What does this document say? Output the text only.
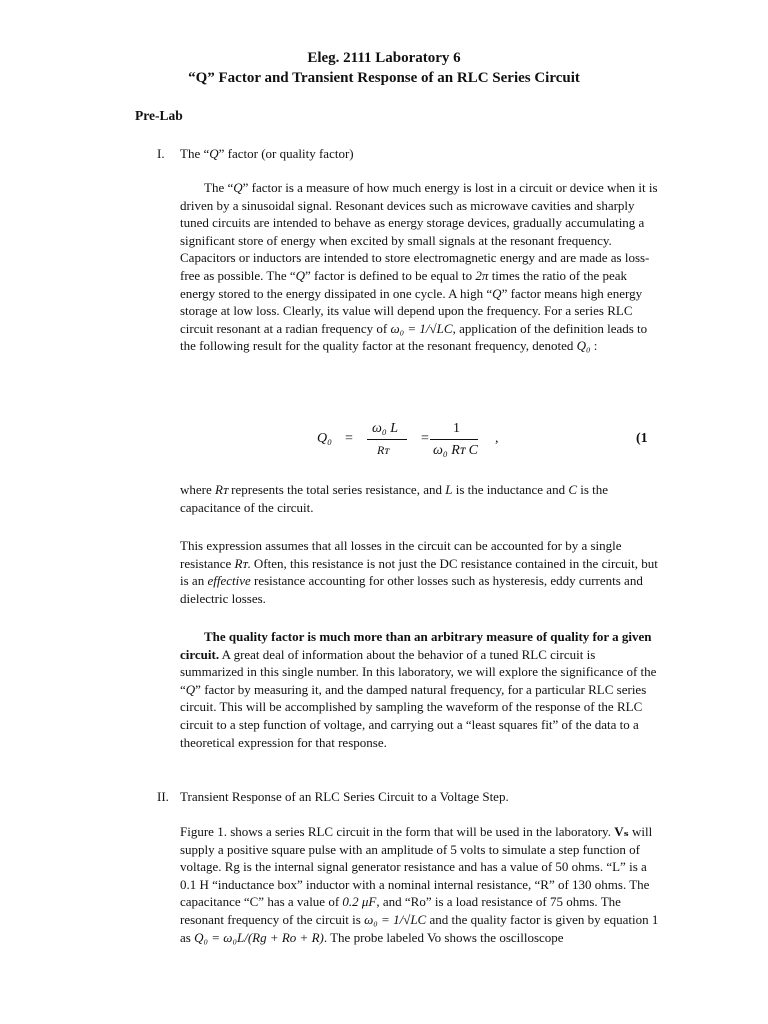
Eleg. 2111 Laboratory 6
“Q” Factor and Transient Response of an RLC Series Circuit
Pre-Lab
I. The “Q” factor (or quality factor)
The “Q” factor is a measure of how much energy is lost in a circuit or device when it is driven by a sinusoidal signal. Resonant devices such as microwave cavities and sharply tuned circuits are intended to behave as energy storage devices, gradually accumulating a significant store of energy when excited by small signals at the resonant frequency. Capacitors or inductors are intended to store electromagnetic energy and are made as loss-free as possible. The “Q” factor is defined to be equal to 2π times the ratio of the peak energy stored to the energy dissipated in one cycle. A high “Q” factor means high energy storage at low loss. Clearly, its value will depend upon the frequency. For a series RLC circuit resonant at a radian frequency of ω₀ = 1/√LC, application of the definition leads to the following result for the quality factor at the resonant frequency, denoted Q₀ :
Q₀ =
ω₀ L
Rᴛ
=
1
ω₀ Rᴛ C
,	(1
where Rᴛ represents the total series resistance, and L is the inductance and C is the capacitance of the circuit.
This expression assumes that all losses in the circuit can be accounted for by a single resistance Rᴛ. Often, this resistance is not just the DC resistance contained in the circuit, but is an effective resistance accounting for other losses such as hysteresis, eddy currents and dielectric losses.
The quality factor is much more than an arbitrary measure of quality for a given circuit. A great deal of information about the behavior of a tuned RLC circuit is summarized in this single number. In this laboratory, we will explore the significance of the “Q” factor by measuring it, and the damped natural frequency, for a particular RLC series circuit. This will be accomplished by sampling the waveform of the response of the RLC circuit to a step function of voltage, and carrying out a “least squares fit” of the data to a theoretical expression for that response.
II. Transient Response of an RLC Series Circuit to a Voltage Step.
Figure 1. shows a series RLC circuit in the form that will be used in the laboratory. Vₛ will supply a positive square pulse with an amplitude of 5 volts to simulate a step function of voltage. Rg is the internal signal generator resistance and has a value of 50 ohms. “L” is a 0.1 H “inductance box” inductor with a nominal internal resistance, “R” of 130 ohms. The capacitance “C” has a value of 0.2 μF, and “Ro” is a load resistance of 75 ohms. The resonant frequency of the circuit is ω₀ = 1/√LC and the quality factor is given by equation 1 as Q₀ = ω₀L/(Rg + Ro + R). The probe labeled Vo shows the oscilloscope
